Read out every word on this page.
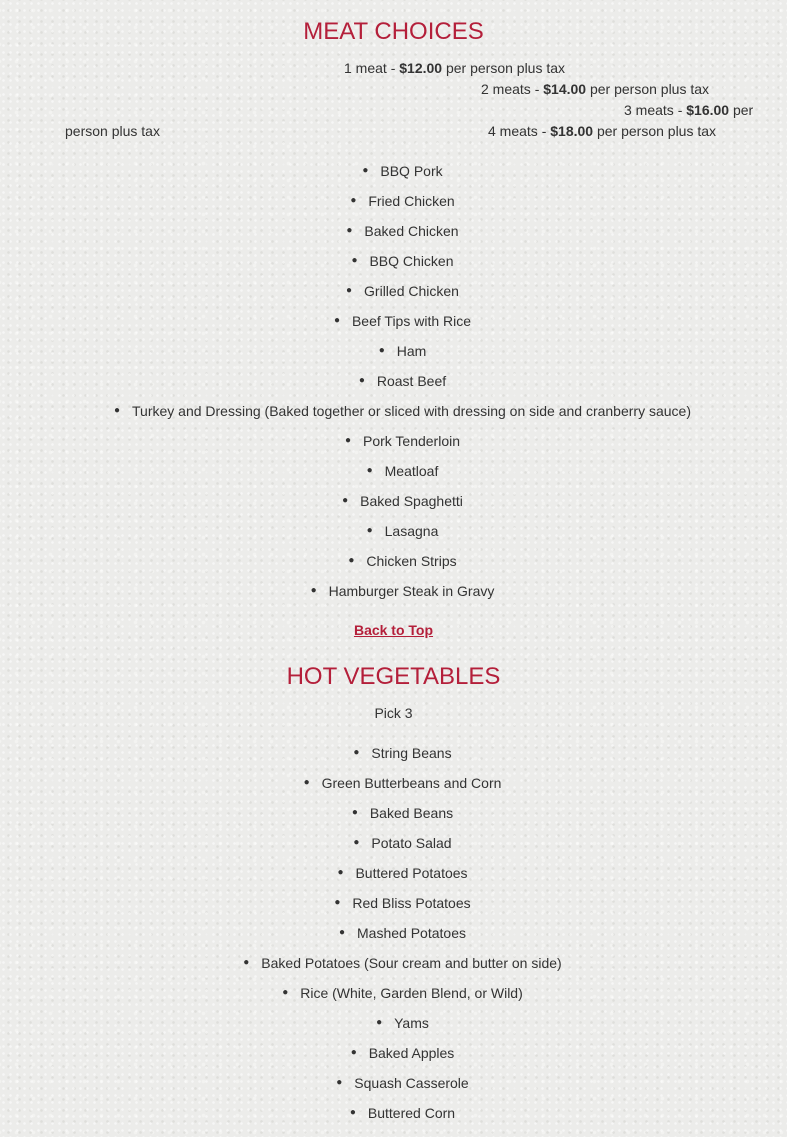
MEAT CHOICES
1 meat - $12.00 per person plus tax
2 meats - $14.00 per person plus tax
3 meats - $16.00 per
person plus tax	4 meats - $18.00 per person plus tax
● BBQ Pork
● Fried Chicken
● Baked Chicken
● BBQ Chicken
● Grilled Chicken
● Beef Tips with Rice
● Ham
● Roast Beef
● Turkey and Dressing (Baked together or sliced with dressing on side and cranberry sauce)
● Pork Tenderloin
● Meatloaf
● Baked Spaghetti
● Lasagna
● Chicken Strips
● Hamburger Steak in Gravy
Back to Top
HOT VEGETABLES
Pick 3
● String Beans
● Green Butterbeans and Corn
● Baked Beans
● Potato Salad
● Buttered Potatoes
● Red Bliss Potatoes
● Mashed Potatoes
● Baked Potatoes (Sour cream and butter on side)
● Rice (White, Garden Blend, or Wild)
● Yams
● Baked Apples
● Squash Casserole
● Buttered Corn
